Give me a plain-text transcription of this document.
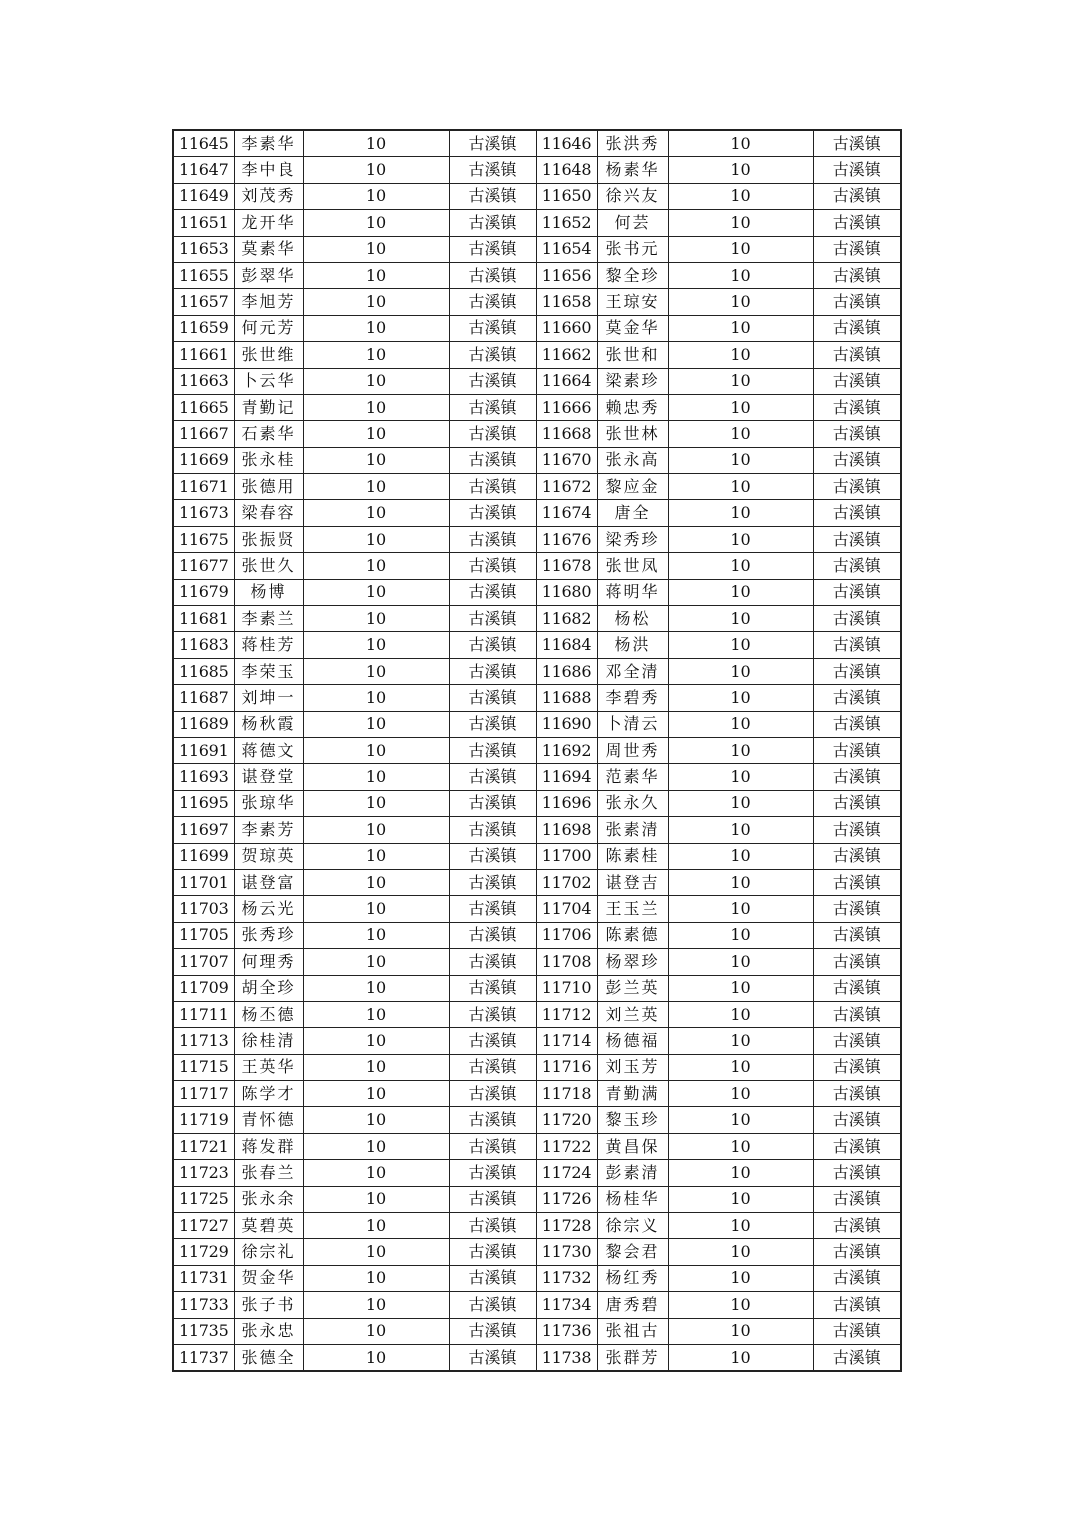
11645	李素华	10	古溪镇	11646	张洪秀	10	古溪镇
11647	李中良	10	古溪镇	11648	杨素华	10	古溪镇
11649	刘茂秀	10	古溪镇	11650	徐兴友	10	古溪镇
11651	龙开华	10	古溪镇	11652	何芸	10	古溪镇
11653	莫素华	10	古溪镇	11654	张书元	10	古溪镇
11655	彭翠华	10	古溪镇	11656	黎全珍	10	古溪镇
11657	李旭芳	10	古溪镇	11658	王琼安	10	古溪镇
11659	何元芳	10	古溪镇	11660	莫金华	10	古溪镇
11661	张世维	10	古溪镇	11662	张世和	10	古溪镇
11663	卜云华	10	古溪镇	11664	梁素珍	10	古溪镇
11665	青勤记	10	古溪镇	11666	赖忠秀	10	古溪镇
11667	石素华	10	古溪镇	11668	张世林	10	古溪镇
11669	张永桂	10	古溪镇	11670	张永高	10	古溪镇
11671	张德用	10	古溪镇	11672	黎应金	10	古溪镇
11673	梁春容	10	古溪镇	11674	唐全	10	古溪镇
11675	张振贤	10	古溪镇	11676	梁秀珍	10	古溪镇
11677	张世久	10	古溪镇	11678	张世凤	10	古溪镇
11679	杨博	10	古溪镇	11680	蒋明华	10	古溪镇
11681	李素兰	10	古溪镇	11682	杨松	10	古溪镇
11683	蒋桂芳	10	古溪镇	11684	杨洪	10	古溪镇
11685	李荣玉	10	古溪镇	11686	邓全清	10	古溪镇
11687	刘坤一	10	古溪镇	11688	李碧秀	10	古溪镇
11689	杨秋霞	10	古溪镇	11690	卜清云	10	古溪镇
11691	蒋德文	10	古溪镇	11692	周世秀	10	古溪镇
11693	谌登堂	10	古溪镇	11694	范素华	10	古溪镇
11695	张琼华	10	古溪镇	11696	张永久	10	古溪镇
11697	李素芳	10	古溪镇	11698	张素清	10	古溪镇
11699	贺琼英	10	古溪镇	11700	陈素桂	10	古溪镇
11701	谌登富	10	古溪镇	11702	谌登吉	10	古溪镇
11703	杨云光	10	古溪镇	11704	王玉兰	10	古溪镇
11705	张秀珍	10	古溪镇	11706	陈素德	10	古溪镇
11707	何理秀	10	古溪镇	11708	杨翠珍	10	古溪镇
11709	胡全珍	10	古溪镇	11710	彭兰英	10	古溪镇
11711	杨丕德	10	古溪镇	11712	刘兰英	10	古溪镇
11713	徐桂清	10	古溪镇	11714	杨德福	10	古溪镇
11715	王英华	10	古溪镇	11716	刘玉芳	10	古溪镇
11717	陈学才	10	古溪镇	11718	青勤满	10	古溪镇
11719	青怀德	10	古溪镇	11720	黎玉珍	10	古溪镇
11721	蒋发群	10	古溪镇	11722	黄昌保	10	古溪镇
11723	张春兰	10	古溪镇	11724	彭素清	10	古溪镇
11725	张永余	10	古溪镇	11726	杨桂华	10	古溪镇
11727	莫碧英	10	古溪镇	11728	徐宗义	10	古溪镇
11729	徐宗礼	10	古溪镇	11730	黎会君	10	古溪镇
11731	贺金华	10	古溪镇	11732	杨红秀	10	古溪镇
11733	张子书	10	古溪镇	11734	唐秀碧	10	古溪镇
11735	张永忠	10	古溪镇	11736	张祖古	10	古溪镇
11737	张德全	10	古溪镇	11738	张群芳	10	古溪镇
